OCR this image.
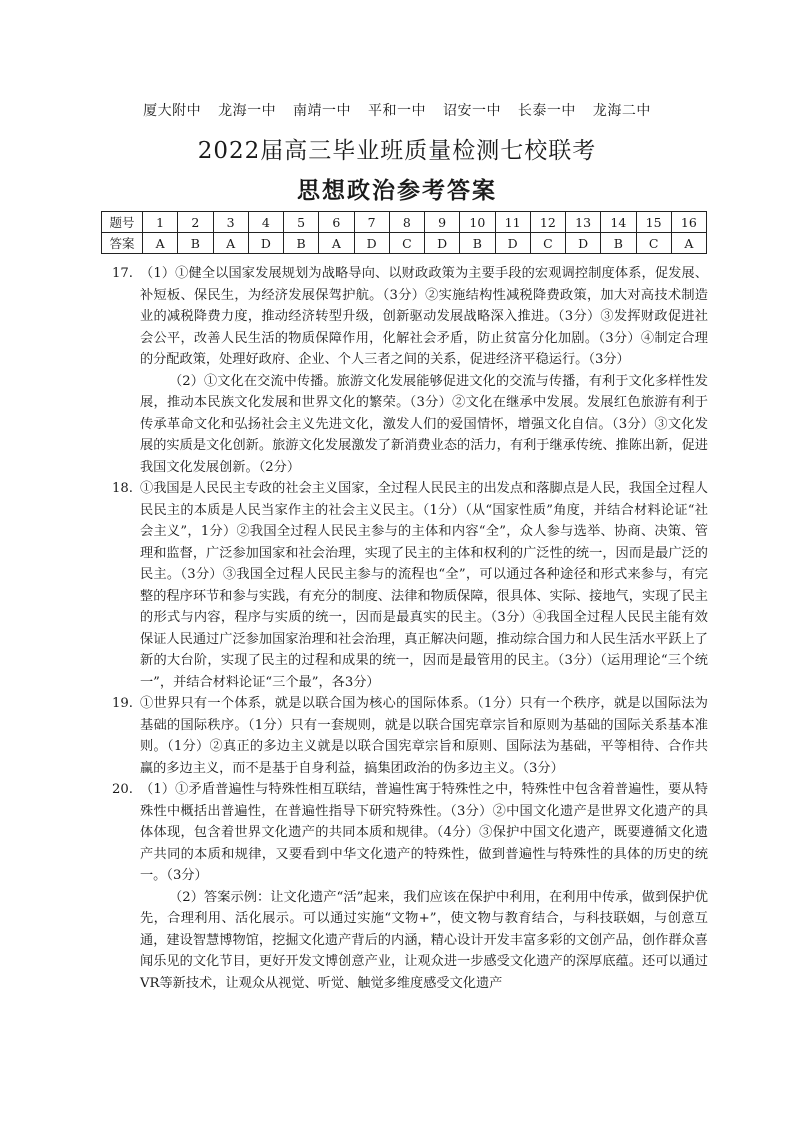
厦大附中 龙海一中 南靖一中 平和一中 诏安一中 长泰一中 龙海二中
2022届高三毕业班质量检测七校联考
思想政治参考答案
题号	1	2	3	4	5	6	7	8	9	10	11	12	13	14	15	16
答案	A	B	A	D	B	A	D	C	D	B	D	C	D	B	C	A
17. （1）①健全以国家发展规划为战略导向、以财政政策为主要手段的宏观调控制度体系，促发展、补短板、保民生，为经济发展保驾护航。（3分）②实施结构性减税降费政策，加大对高技术制造业的减税降费力度，推动经济转型升级，创新驱动发展战略深入推进。（3分）③发挥财政促进社会公平，改善人民生活的物质保障作用，化解社会矛盾，防止贫富分化加剧。（3分）④制定合理的分配政策，处理好政府、企业、个人三者之间的关系，促进经济平稳运行。（3分）

（2）①文化在交流中传播。旅游文化发展能够促进文化的交流与传播，有利于文化多样性发展，推动本民族文化发展和世界文化的繁荣。（3分）②文化在继承中发展。发展红色旅游有利于传承革命文化和弘扬社会主义先进文化，激发人们的爱国情怀，增强文化自信。（3分）③文化发展的实质是文化创新。旅游文化发展激发了新消费业态的活力，有利于继承传统、推陈出新，促进我国文化发展创新。（2分）

18. ①我国是人民民主专政的社会主义国家，全过程人民民主的出发点和落脚点是人民，我国全过程人民民主的本质是人民当家作主的社会主义民主。（1分）（从“国家性质”角度，并结合材料论证“社会主义”，1分）②我国全过程人民民主参与的主体和内容“全”，众人参与选举、协商、决策、管理和监督，广泛参加国家和社会治理，实现了民主的主体和权利的广泛性的统一，因而是最广泛的民主。（3分）③我国全过程人民民主参与的流程也“全”，可以通过各种途径和形式来参与，有完整的程序环节和参与实践，有充分的制度、法律和物质保障，很具体、实际、接地气，实现了民主的形式与内容，程序与实质的统一，因而是最真实的民主。（3分）④我国全过程人民民主能有效保证人民通过广泛参加国家治理和社会治理，真正解决问题，推动综合国力和人民生活水平跃上了新的大台阶，实现了民主的过程和成果的统一，因而是最管用的民主。（3分）（运用理论“三个统一”，并结合材料论证“三个最”，各3分）

19. ①世界只有一个体系，就是以联合国为核心的国际体系。（1分）只有一个秩序，就是以国际法为基础的国际秩序。（1分）只有一套规则，就是以联合国宪章宗旨和原则为基础的国际关系基本准则。（1分）②真正的多边主义就是以联合国宪章宗旨和原则、国际法为基础，平等相待、合作共赢的多边主义，而不是基于自身利益，搞集团政治的伪多边主义。（3分）

20. （1）①矛盾普遍性与特殊性相互联结，普遍性寓于特殊性之中，特殊性中包含着普遍性，要从特殊性中概括出普遍性，在普遍性指导下研究特殊性。（3分）②中国文化遗产是世界文化遗产的具体体现，包含着世界文化遗产的共同本质和规律。（4分）③保护中国文化遗产，既要遵循文化遗产共同的本质和规律，又要看到中华文化遗产的特殊性，做到普遍性与特殊性的具体的历史的统一。（3分）

（2）答案示例：让文化遗产“活”起来，我们应该在保护中利用，在利用中传承，做到保护优先，合理利用、活化展示。可以通过实施“文物+”，使文物与教育结合，与科技联姻，与创意互通，建设智慧博物馆，挖掘文化遗产背后的内涵，精心设计开发丰富多彩的文创产品，创作群众喜闻乐见的文化节目，更好开发文博创意产业，让观众进一步感受文化遗产的深厚底蕴。还可以通过VR等新技术，让观众从视觉、听觉、触觉多维度感受文化遗产
